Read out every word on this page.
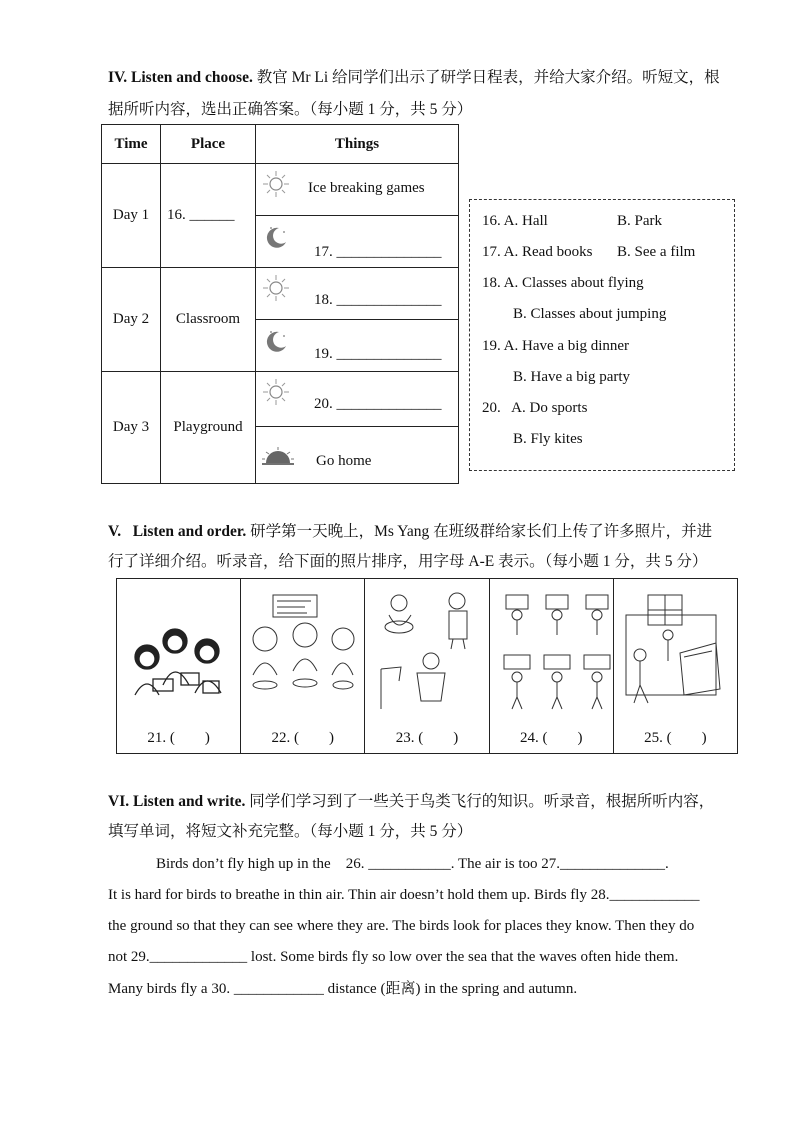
IV. Listen and choose. 教官 Mr Li 给同学们出示了研学日程表，并给大家介绍。听短文，根
据所听内容，选出正确答案。（每小题 1 分，共 5 分）
Time	Place	Things
Day 1	16. ______	Ice breaking games

		17. ______________

Day 2	Classroom	18. ______________

		19. ______________

Day 3	Playground	20. ______________

		Go home
16. A. Hall	B. Park
17. A. Read books B. See a film
18. A. Classes about flying
B. Classes about jumping
19. A. Have a big dinner
B. Have a big party
20.   A. Do sports
B. Fly kites
V.   Listen and order. 研学第一天晚上，Ms Yang 在班级群给家长们上传了许多照片，并进
行了详细介绍。听录音，给下面的照片排序，用字母 A-E 表示。（每小题 1 分，共 5 分）
21. (        )	22. (        )	23. (        )	24. (        )	25. (        )
VI. Listen and write. 同学们学习到了一些关于鸟类飞行的知识。听录音，根据所听内容，
填写单词，将短文补充完整。（每小题 1 分，共 5 分）
Birds don’t fly high up in the    26. ___________. The air is too 27.______________.
It is hard for birds to breathe in thin air. Thin air doesn’t hold them up. Birds fly 28.____________
the ground so that they can see where they are. The birds look for places they know. Then they do
not 29._____________ lost. Some birds fly so low over the sea that the waves often hide them.
Many birds fly a 30. ____________ distance (距离) in the spring and autumn.
